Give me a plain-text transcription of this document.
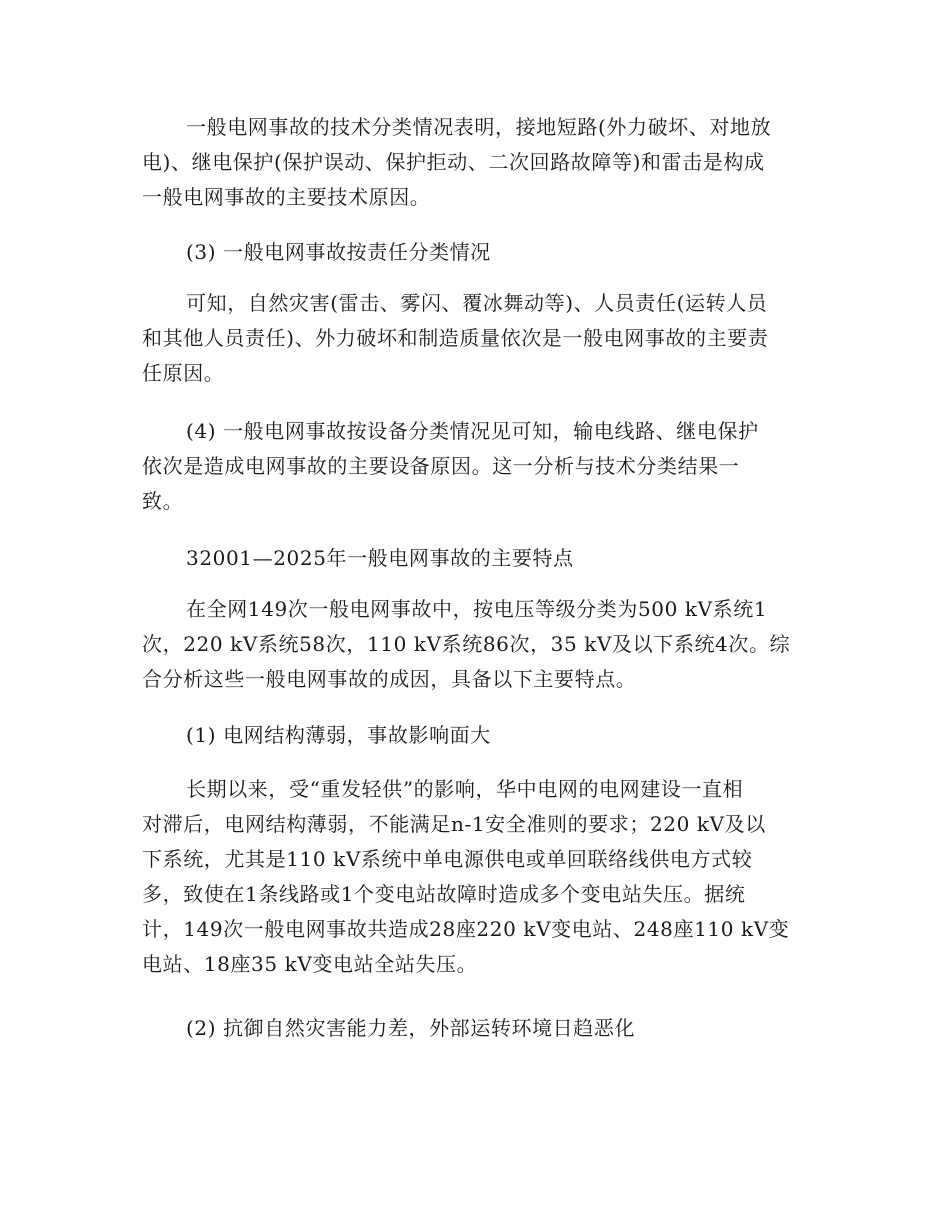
一般电网事故的技术分类情况表明，接地短路(外力破坏、对地放
电)、继电保护(保护误动、保护拒动、二次回路故障等)和雷击是构成
一般电网事故的主要技术原因。
(3) 一般电网事故按责任分类情况
可知，自然灾害(雷击、雾闪、覆冰舞动等)、人员责任(运转人员
和其他人员责任)、外力破坏和制造质量依次是一般电网事故的主要责
任原因。
(4) 一般电网事故按设备分类情况见可知，输电线路、继电保护
依次是造成电网事故的主要设备原因。这一分析与技术分类结果一
致。
32001—2025年一般电网事故的主要特点
在全网149次一般电网事故中，按电压等级分类为500 kV系统1
次，220 kV系统58次，110 kV系统86次，35 kV及以下系统4次。综
合分析这些一般电网事故的成因，具备以下主要特点。
(1) 电网结构薄弱，事故影响面大
长期以来，受“重发轻供”的影响，华中电网的电网建设一直相
对滞后，电网结构薄弱，不能满足n-1安全准则的要求；220 kV及以
下系统，尤其是110 kV系统中单电源供电或单回联络线供电方式较
多，致使在1条线路或1个变电站故障时造成多个变电站失压。据统
计，149次一般电网事故共造成28座220 kV变电站、248座110 kV变
电站、18座35 kV变电站全站失压。
(2) 抗御自然灾害能力差，外部运转环境日趋恶化
